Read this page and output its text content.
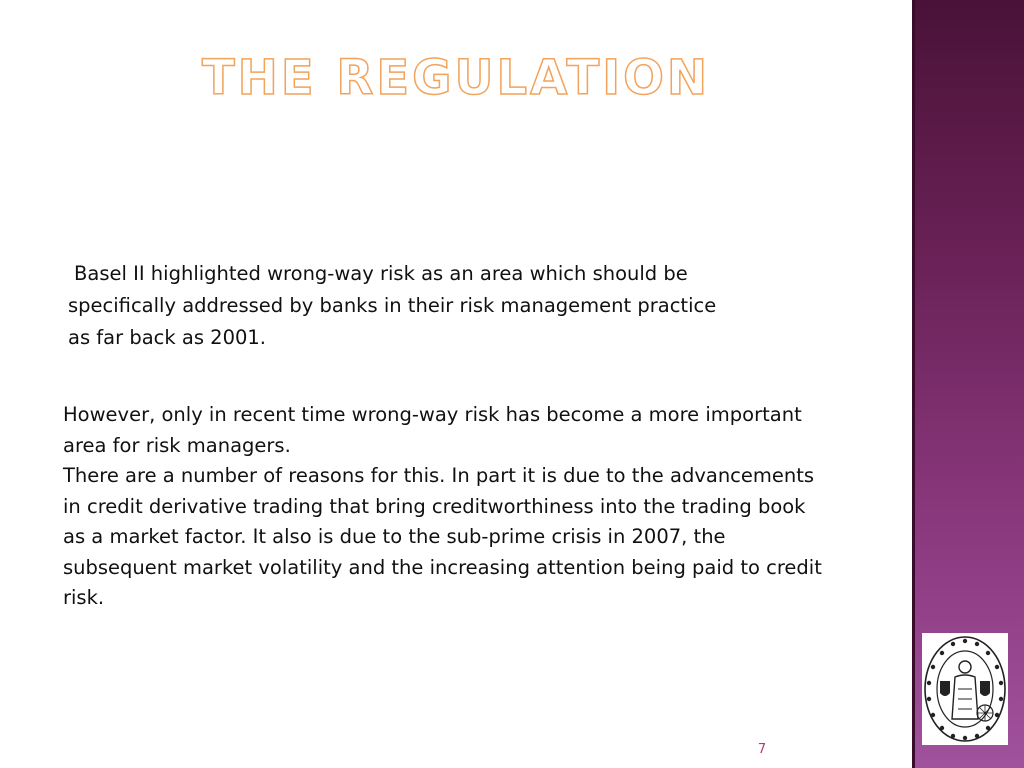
THE REGULATION
Basel II highlighted wrong-way risk as an area which should be
specifically addressed by banks in their risk management practice
as far back as 2001.

However, only in recent time wrong-way risk has become a more important area for risk managers.

There are a number of reasons for this. In part it is due to the advancements in credit derivative trading that bring creditworthiness into the trading book as a market factor. It also is due to the sub-prime crisis in 2007, the subsequent market volatility and the increasing attention being paid to credit risk.

7
